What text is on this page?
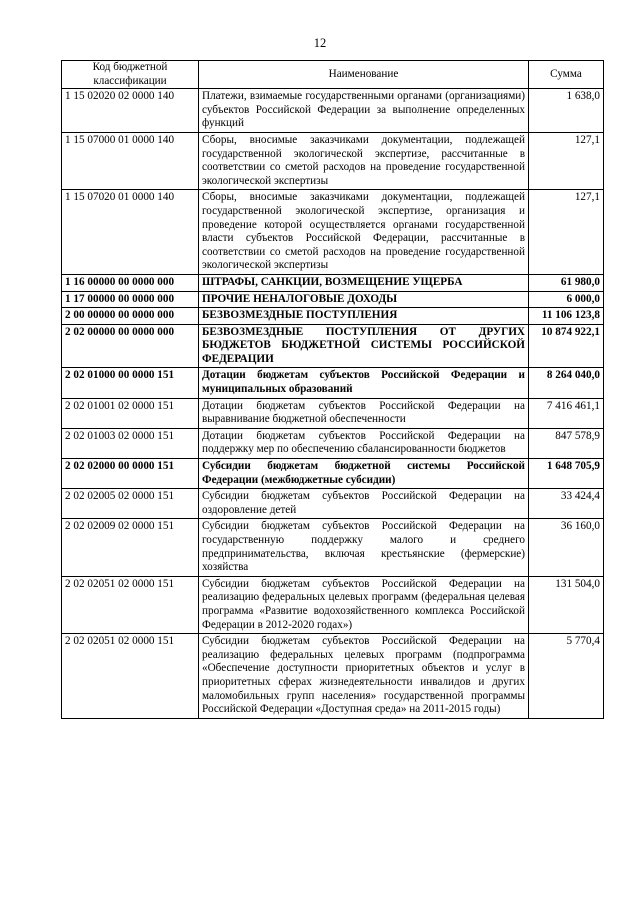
12
Код бюджетной классификации	Наименование	Сумма
1 15 02020 02 0000 140	Платежи, взимаемые государственными органами (организациями) субъектов Российской Федерации за выполнение определенных функций	1 638,0
1 15 07000 01 0000 140	Сборы, вносимые заказчиками документации, подлежащей государственной экологической экспертизе, рассчитанные в соответствии со сметой расходов на проведение государственной экологической экспертизы	127,1
1 15 07020 01 0000 140	Сборы, вносимые заказчиками документации, подлежащей государственной экологической экспертизе, организация и проведение которой осуществляется органами государственной власти субъектов Российской Федерации, рассчитанные в соответствии со сметой расходов на проведение государственной экологической экспертизы	127,1
1 16 00000 00 0000 000	ШТРАФЫ, САНКЦИИ, ВОЗМЕЩЕНИЕ УЩЕРБА	61 980,0
1 17 00000 00 0000 000	ПРОЧИЕ НЕНАЛОГОВЫЕ ДОХОДЫ	6 000,0
2 00 00000 00 0000 000	БЕЗВОЗМЕЗДНЫЕ ПОСТУПЛЕНИЯ	11 106 123,8
2 02 00000 00 0000 000	БЕЗВОЗМЕЗДНЫЕ ПОСТУПЛЕНИЯ ОТ ДРУГИХ БЮДЖЕТОВ БЮДЖЕТНОЙ СИСТЕМЫ РОССИЙСКОЙ ФЕДЕРАЦИИ	10 874 922,1
2 02 01000 00 0000 151	Дотации бюджетам субъектов Российской Федерации и муниципальных образований	8 264 040,0
2 02 01001 02 0000 151	Дотации бюджетам субъектов Российской Федерации на выравнивание бюджетной обеспеченности	7 416 461,1
2 02 01003 02 0000 151	Дотации бюджетам субъектов Российской Федерации на поддержку мер по обеспечению сбалансированности бюджетов	847 578,9
2 02 02000 00 0000 151	Субсидии бюджетам бюджетной системы Российской Федерации (межбюджетные субсидии)	1 648 705,9
2 02 02005 02 0000 151	Субсидии бюджетам субъектов Российской Федерации на оздоровление детей	33 424,4
2 02 02009 02 0000 151	Субсидии бюджетам субъектов Российской Федерации на государственную поддержку малого и среднего предпринимательства, включая крестьянские (фермерские) хозяйства	36 160,0
2 02 02051 02 0000 151	Субсидии бюджетам субъектов Российской Федерации на реализацию федеральных целевых программ (федеральная целевая программа «Развитие водохозяйственного комплекса Российской Федерации в 2012-2020 годах»)	131 504,0
2 02 02051 02 0000 151	Субсидии бюджетам субъектов Российской Федерации на реализацию федеральных целевых программ (подпрограмма «Обеспечение доступности приоритетных объектов и услуг в приоритетных сферах жизнедеятельности инвалидов и других маломобильных групп населения» государственной программы Российской Федерации «Доступная среда» на 2011-2015 годы)	5 770,4
